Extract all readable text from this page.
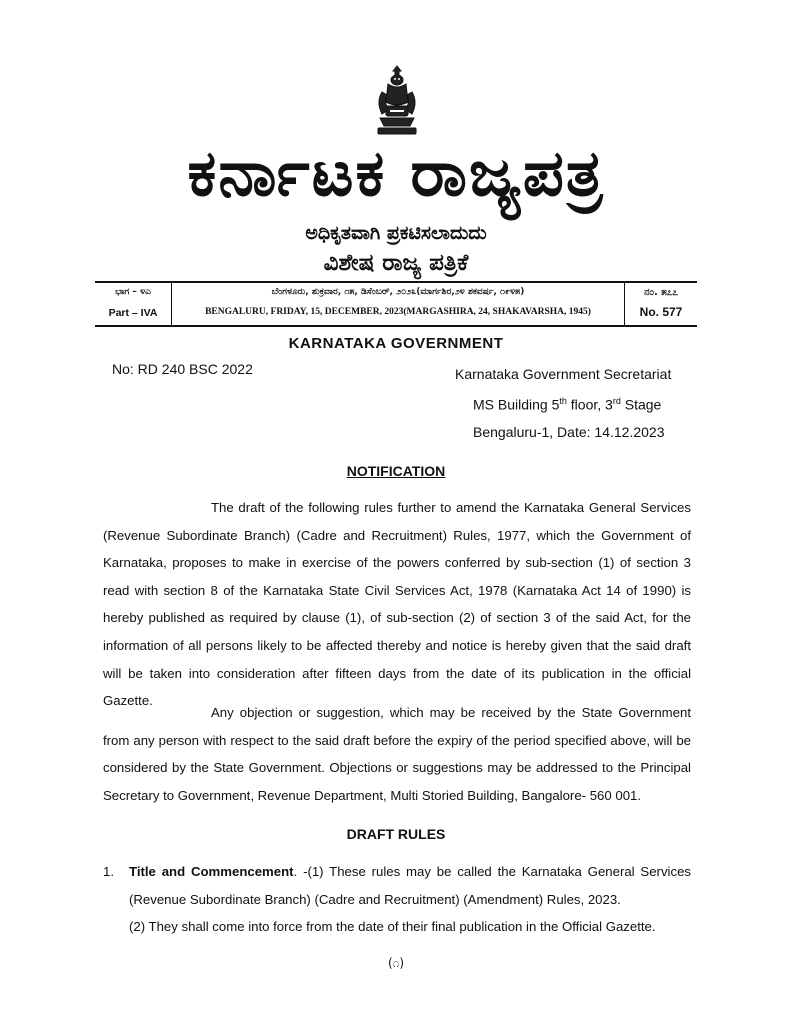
ಕರ್ನಾಟಕ ರಾಜ್ಯಪತ್ರ
ಅಧಿಕೃತವಾಗಿ ಪ್ರಕಟಿಸಲಾದುದು
ವಿಶೇಷ ರಾಜ್ಯ ಪತ್ರಿಕೆ
ಭಾಗ – ೪ಎ
Part – IVA
ಬೆಂಗಳೂರು, ಶುಕ್ರವಾರ, ೧೫, ಡಿಸೆಂಬರ್, ೨೦೨೩(ಮಾರ್ಗಶಿರ,೨೪ ಶಕವರ್ಷ, ೧೯೪೫)
BENGALURU, FRIDAY, 15, DECEMBER, 2023(MARGASHIRA, 24, SHAKAVARSHA, 1945)
ನಂ. ೫೭೭
No. 577
KARNATAKA GOVERNMENT
No: RD 240 BSC 2022	Karnataka Government Secretariat
MS Building 5th floor, 3rd Stage
Bengaluru-1, Date: 14.12.2023
NOTIFICATION
The draft of the following rules further to amend the Karnataka General Services (Revenue Subordinate Branch) (Cadre and Recruitment) Rules, 1977, which the Government of Karnataka, proposes to make in exercise of the powers conferred by sub-section (1) of section 3 read with section 8 of the Karnataka State Civil Services Act, 1978 (Karnataka Act 14 of 1990) is hereby published as required by clause (1), of sub-section (2) of section 3 of the said Act, for the information of all persons likely to be affected thereby and notice is hereby given that the said draft will be taken into consideration after fifteen days from the date of its publication in the official Gazette.
Any objection or suggestion, which may be received by the State Government from any person with respect to the said draft before the expiry of the period specified above, will be considered by the State Government. Objections or suggestions may be addressed to the Principal Secretary to Government, Revenue Department, Multi Storied Building, Bangalore- 560 001.
DRAFT RULES
1. Title and Commencement. -(1) These rules may be called the Karnataka General Services (Revenue Subordinate Branch) (Cadre and Recruitment) (Amendment) Rules, 2023.
(2) They shall come into force from the date of their final publication in the Official Gazette.
(೧)
